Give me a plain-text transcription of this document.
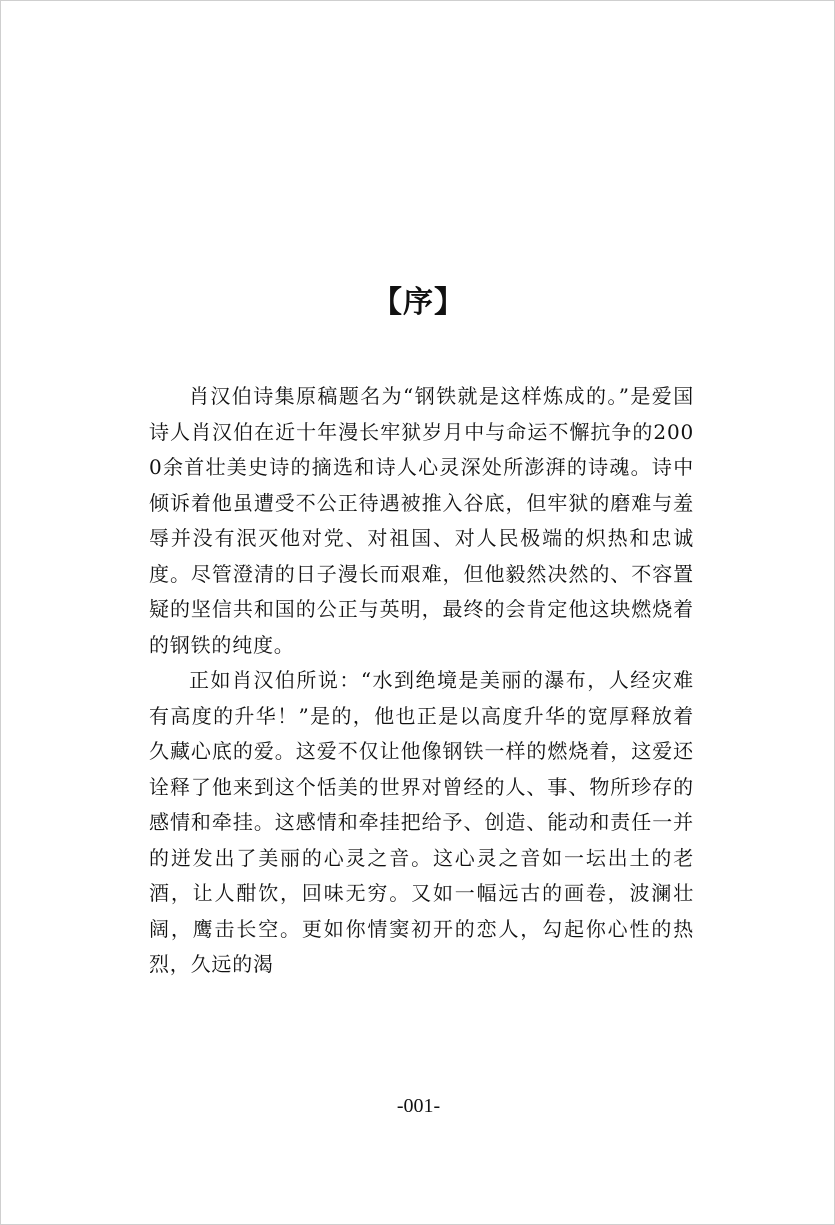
【序】

肖汉伯诗集原稿题名为“钢铁就是这样炼成的。”是爱国诗人肖汉伯在近十年漫长牢狱岁月中与命运不懈抗争的2000余首壮美史诗的摘选和诗人心灵深处所澎湃的诗魂。诗中倾诉着他虽遭受不公正待遇被推入谷底，但牢狱的磨难与羞辱并没有泯灭他对党、对祖国、对人民极端的炽热和忠诚度。尽管澄清的日子漫长而艰难，但他毅然决然的、不容置疑的坚信共和国的公正与英明，最终的会肯定他这块燃烧着的钢铁的纯度。

正如肖汉伯所说：“水到绝境是美丽的瀑布，人经灾难有高度的升华！”是的，他也正是以高度升华的宽厚释放着久藏心底的爱。这爱不仅让他像钢铁一样的燃烧着，这爱还诠释了他来到这个恬美的世界对曾经的人、事、物所珍存的感情和牵挂。这感情和牵挂把给予、创造、能动和责任一并的迸发出了美丽的心灵之音。这心灵之音如一坛出土的老酒，让人酣饮，回味无穷。又如一幅远古的画卷，波澜壮阔，鹰击长空。更如你情窦初开的恋人，勾起你心性的热烈，久远的渴

-001-
